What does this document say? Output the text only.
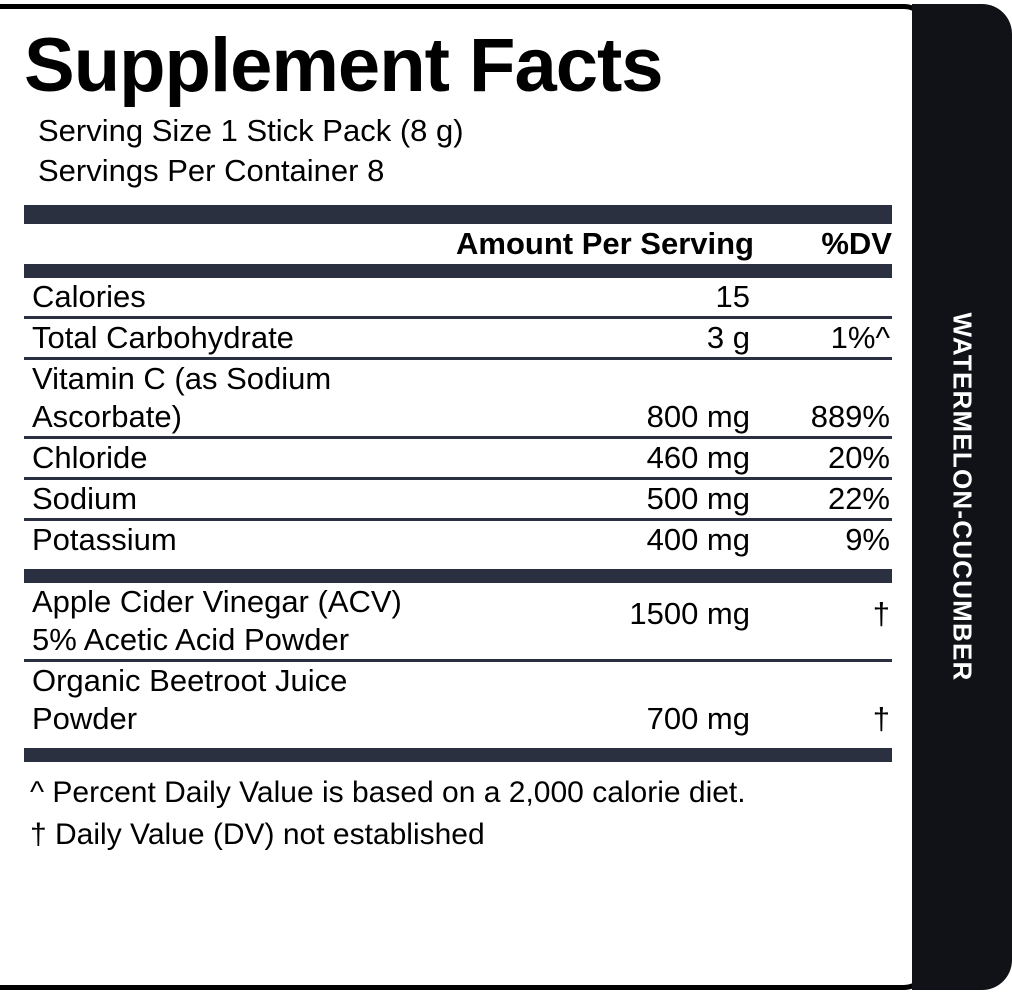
Supplement Facts
Serving Size 1 Stick Pack (8 g)
Servings Per Container 8
	Amount Per Serving	%DV

Calories	15	

Total Carbohydrate	3 g	1%^

Vitamin C (as Sodium Ascorbate)	800 mg	889%

Chloride	460 mg	20%

Sodium	500 mg	22%

Potassium	400 mg	9%
Apple Cider Vinegar (ACV)
5% Acetic Acid Powder	1500 mg	†

Organic Beetroot Juice Powder	700 mg	†
^ Percent Daily Value is based on a 2,000 calorie diet.
† Daily Value (DV) not established
WATERMELON-CUCUMBER
